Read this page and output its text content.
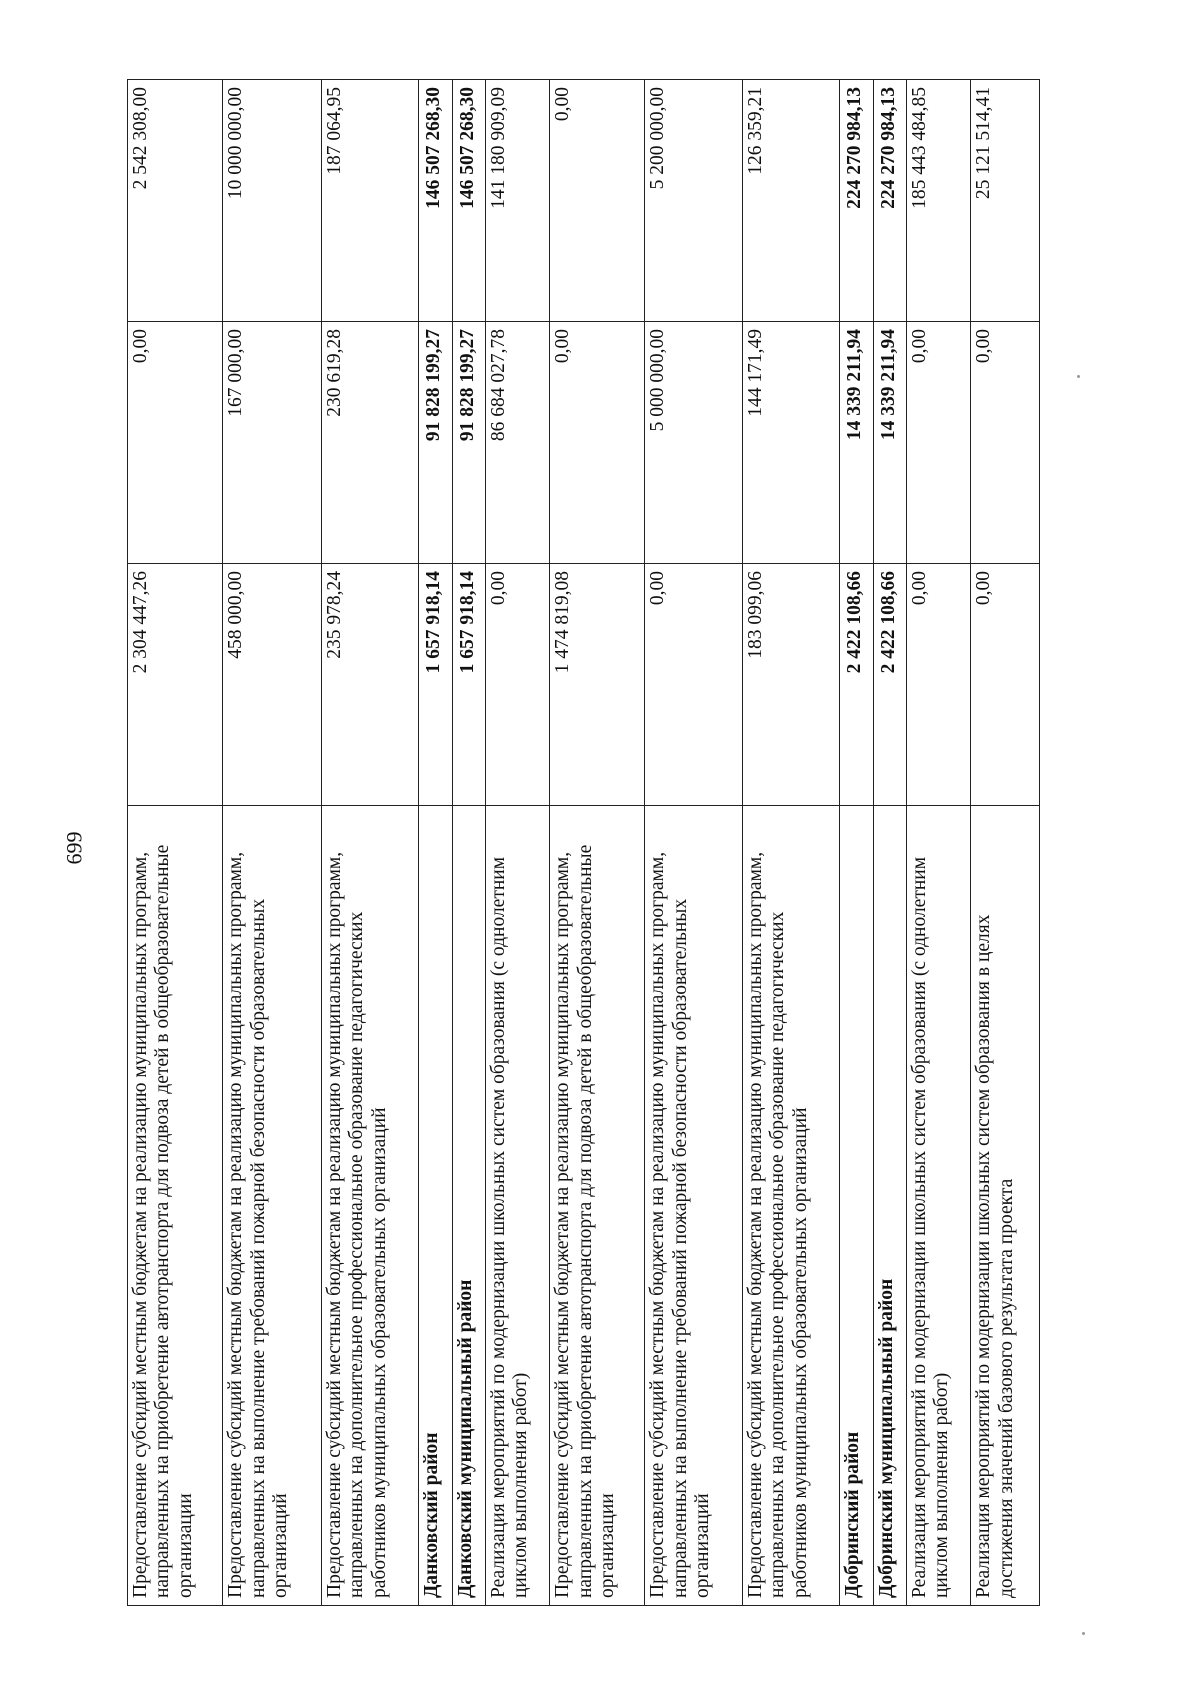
699
Предоставление субсидий местным бюджетам на реализацию муниципальных программ, направленных на приобретение автотранспорта для подвоза детей в общеобразовательные организации	2 304 447,26	0,00	2 542 308,00
Предоставление субсидий местным бюджетам на реализацию муниципальных программ, направленных на выполнение требований пожарной безопасности образовательных организаций	458 000,00	167 000,00	10 000 000,00
Предоставление субсидий местным бюджетам на реализацию муниципальных программ, направленных на дополнительное профессиональное образование педагогических работников муниципальных образовательных организаций	235 978,24	230 619,28	187 064,95
Данковский район	1 657 918,14	91 828 199,27	146 507 268,30
Данковский муниципальный район	1 657 918,14	91 828 199,27	146 507 268,30
Реализация мероприятий по модернизации школьных систем образования (с однолетним циклом выполнения работ)	0,00	86 684 027,78	141 180 909,09
Предоставление субсидий местным бюджетам на реализацию муниципальных программ, направленных на приобретение автотранспорта для подвоза детей в общеобразовательные организации	1 474 819,08	0,00	0,00
Предоставление субсидий местным бюджетам на реализацию муниципальных программ, направленных на выполнение требований пожарной безопасности образовательных организаций	0,00	5 000 000,00	5 200 000,00
Предоставление субсидий местным бюджетам на реализацию муниципальных программ, направленных на дополнительное профессиональное образование педагогических работников муниципальных образовательных организаций	183 099,06	144 171,49	126 359,21
Добринский район	2 422 108,66	14 339 211,94	224 270 984,13
Добринский муниципальный район	2 422 108,66	14 339 211,94	224 270 984,13
Реализация мероприятий по модернизации школьных систем образования (с однолетним циклом выполнения работ)	0,00	0,00	185 443 484,85
Реализация мероприятий по модернизации школьных систем образования в целях достижения значений базового результата проекта	0,00	0,00	25 121 514,41
